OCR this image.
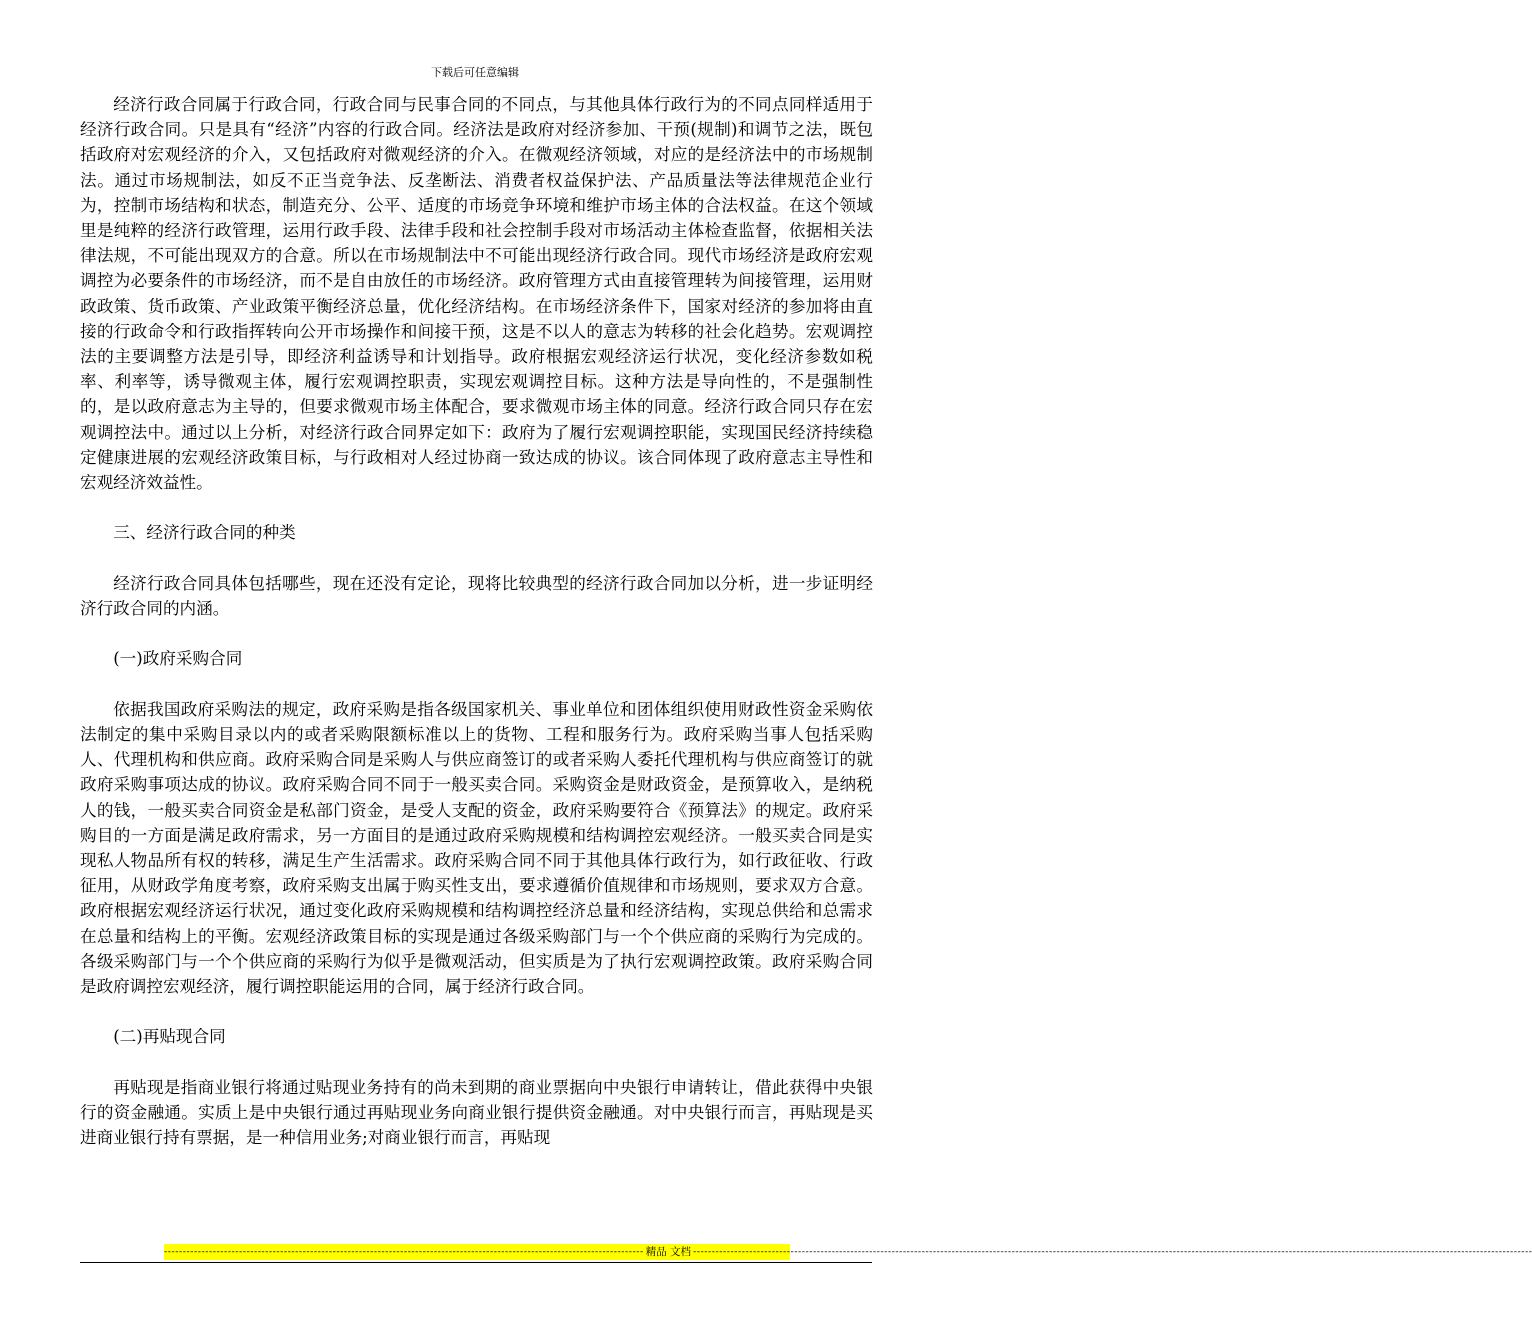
下载后可任意编辑

经济行政合同属于行政合同，行政合同与民事合同的不同点，与其他具体行政行为的不同点同样适用于经济行政合同。只是具有“经济”内容的行政合同。经济法是政府对经济参加、干预(规制)和调节之法，既包括政府对宏观经济的介入，又包括政府对微观经济的介入。在微观经济领域，对应的是经济法中的市场规制法。通过市场规制法，如反不正当竞争法、反垄断法、消费者权益保护法、产品质量法等法律规范企业行为，控制市场结构和状态，制造充分、公平、适度的市场竞争环境和维护市场主体的合法权益。在这个领域里是纯粹的经济行政管理，运用行政手段、法律手段和社会控制手段对市场活动主体检查监督，依据相关法律法规，不可能出现双方的合意。所以在市场规制法中不可能出现经济行政合同。现代市场经济是政府宏观调控为必要条件的市场经济，而不是自由放任的市场经济。政府管理方式由直接管理转为间接管理，运用财政政策、货币政策、产业政策平衡经济总量，优化经济结构。在市场经济条件下，国家对经济的参加将由直接的行政命令和行政指挥转向公开市场操作和间接干预，这是不以人的意志为转移的社会化趋势。宏观调控法的主要调整方法是引导，即经济利益诱导和计划指导。政府根据宏观经济运行状况，变化经济参数如税率、利率等，诱导微观主体，履行宏观调控职责，实现宏观调控目标。这种方法是导向性的，不是强制性的，是以政府意志为主导的，但要求微观市场主体配合，要求微观市场主体的同意。经济行政合同只存在宏观调控法中。通过以上分析，对经济行政合同界定如下：政府为了履行宏观调控职能，实现国民经济持续稳定健康进展的宏观经济政策目标，与行政相对人经过协商一致达成的协议。该合同体现了政府意志主导性和宏观经济效益性。

三、经济行政合同的种类

经济行政合同具体包括哪些，现在还没有定论，现将比较典型的经济行政合同加以分析，进一步证明经济行政合同的内涵。

(一)政府采购合同

依据我国政府采购法的规定，政府采购是指各级国家机关、事业单位和团体组织使用财政性资金采购依法制定的集中采购目录以内的或者采购限额标准以上的货物、工程和服务行为。政府采购当事人包括采购人、代理机构和供应商。政府采购合同是采购人与供应商签订的或者采购人委托代理机构与供应商签订的就政府采购事项达成的协议。政府采购合同不同于一般买卖合同。采购资金是财政资金，是预算收入，是纳税人的钱，一般买卖合同资金是私部门资金，是受人支配的资金，政府采购要符合《预算法》的规定。政府采购目的一方面是满足政府需求，另一方面目的是通过政府采购规模和结构调控宏观经济。一般买卖合同是实现私人物品所有权的转移，满足生产生活需求。政府采购合同不同于其他具体行政行为，如行政征收、行政征用，从财政学角度考察，政府采购支出属于购买性支出，要求遵循价值规律和市场规则，要求双方合意。政府根据宏观经济运行状况，通过变化政府采购规模和结构调控经济总量和经济结构，实现总供给和总需求在总量和结构上的平衡。宏观经济政策目标的实现是通过各级采购部门与一个个供应商的采购行为完成的。各级采购部门与一个个供应商的采购行为似乎是微观活动，但实质是为了执行宏观调控政策。政府采购合同是政府调控宏观经济，履行调控职能运用的合同，属于经济行政合同。

(二)再贴现合同

再贴现是指商业银行将通过贴现业务持有的尚未到期的商业票据向中央银行申请转让，借此获得中央银行的资金融通。实质上是中央银行通过再贴现业务向商业银行提供资金融通。对中央银行而言，再贴现是买进商业银行持有票据，是一种信用业务;对商业银行而言，再贴现

-------------------------------------------------------------------------------------------------------------------------------- 精品 文档 --------------------------------------------------------------------------------------------------------------------------------------------------------------------------------------------------------------------------------
